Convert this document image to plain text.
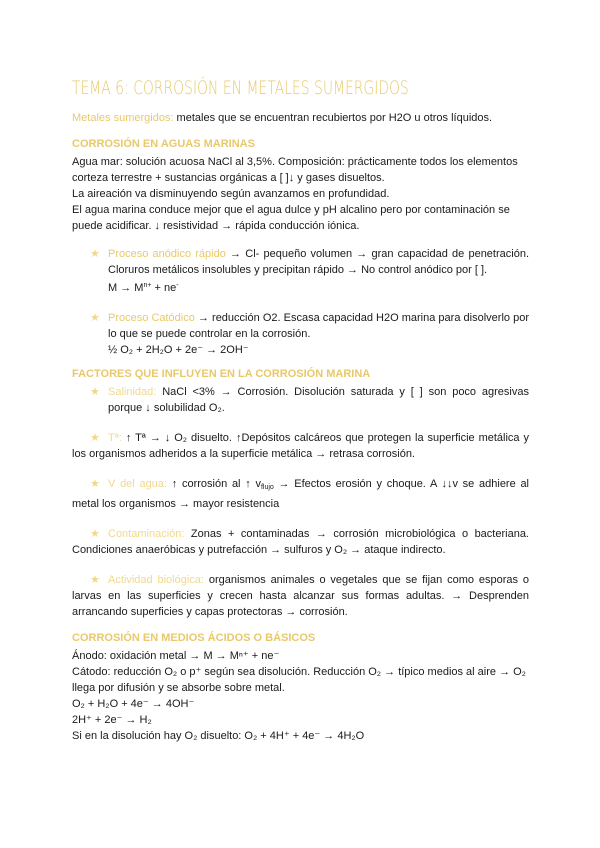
TEMA 6: CORROSIÓN EN METALES SUMERGIDOS

Metales sumergidos: metales que se encuentran recubiertos por H2O u otros líquidos.

CORROSIÓN EN AGUAS MARINAS

Agua mar: solución acuosa NaCl al 3,5%. Composición: prácticamente todos los elementos corteza terrestre + sustancias orgánicas a [ ]↓ y gases disueltos.

La aireación va disminuyendo según avanzamos en profundidad.

El agua marina conduce mejor que el agua dulce y pH alcalino pero por contaminación se puede acidificar. ↓ resistividad → rápida conducción iónica.

★ Proceso anódico rápido → Cl- pequeño volumen → gran capacidad de penetración. Cloruros metálicos insolubles y precipitan rápido → No control anódico por [ ].
$M \to M^{n+} + ne^-$
★ Proceso Catódico → reducción O2. Escasa capacidad H2O marina para disolverlo por lo que se puede controlar en la corrosión.
½ O₂ + 2H₂O + 2e⁻ → 2OH⁻
FACTORES QUE INFLUYEN EN LA CORROSIÓN MARINA
★ Salinidad: NaCl <3% → Corrosión. Disolución saturada y [ ] son poco agresivas porque ↓ solubilidad O₂.
★ Tª: ↑ Tª → ↓ O₂ disuelto. ↑Depósitos calcáreos que protegen la superficie metálica y los organismos adheridos a la superficie metálica → retrasa corrosión.
★ V del agua: ↑ corrosión al ↑ $v_{flujo}$ → Efectos erosión y choque. A ↓↓v se adhiere al metal los organismos → mayor resistencia
★ Contaminación: Zonas + contaminadas → corrosión microbiológica o bacteriana. Condiciones anaeróbicas y putrefacción → sulfuros y O₂ → ataque indirecto.
★ Actividad biológica: organismos animales o vegetales que se fijan como esporas o larvas en las superficies y crecen hasta alcanzar sus formas adultas. → Desprenden arrancando superficies y capas protectoras → corrosión.
CORROSIÓN EN MEDIOS ÁCIDOS O BÁSICOS

Ánodo: oxidación metal → M → Mⁿ⁺ + ne⁻

Cátodo: reducción O₂ o p⁺ según sea disolución. Reducción O₂ → típico medios al aire → O₂ llega por difusión y se absorbe sobre metal.

O₂ + H₂O + 4e⁻ → 4OH⁻

2H⁺ + 2e⁻ → H₂

Si en la disolución hay O₂ disuelto: O₂ + 4H⁺ + 4e⁻ → 4H₂O
